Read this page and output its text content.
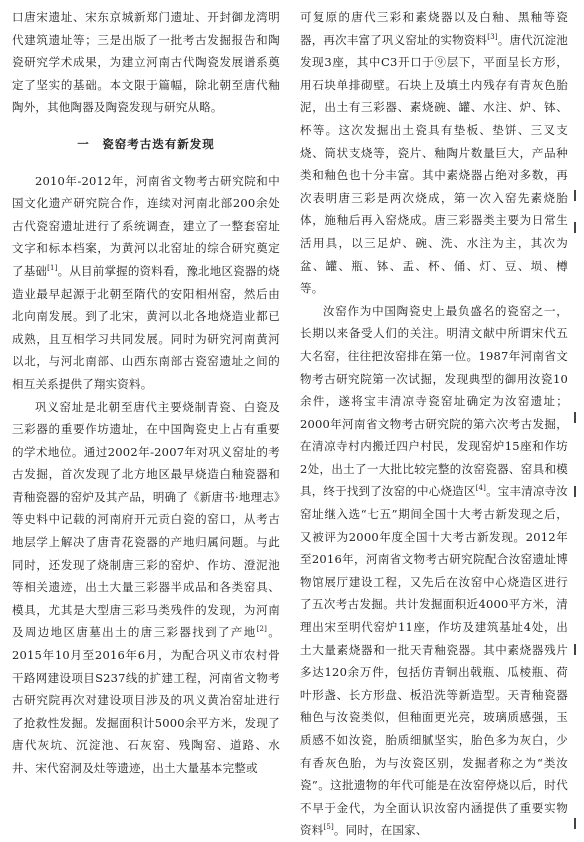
口唐宋遗址、宋东京城新郑门遗址、开封御龙湾明代建筑遗址等；三是出版了一批考古发掘报告和陶瓷研究学术成果，为建立河南古代陶瓷发展谱系奠定了坚实的基础。本文限于篇幅，除北朝至唐代釉陶外，其他陶器及陶瓷发现与研究从略。

一　瓷窑考古迭有新发现

2010年-2012年，河南省文物考古研究院和中国文化遗产研究院合作，连续对河南北部200余处古代瓷窑遗址进行了系统调查，建立了一整套窑址文字和标本档案，为黄河以北窑址的综合研究奠定了基础[1]。从目前掌握的资料看，豫北地区瓷器的烧造业最早起源于北朝至隋代的安阳相州窑，然后由北向南发展。到了北宋，黄河以北各地烧造业都已成熟，且互相学习共同发展。同时为研究河南黄河以北，与河北南部、山西东南部古瓷窑遗址之间的相互关系提供了翔实资料。

巩义窑址是北朝至唐代主要烧制青瓷、白瓷及三彩器的重要作坊遗址，在中国陶瓷史上占有重要的学术地位。通过2002年-2007年对巩义窑址的考古发掘，首次发现了北方地区最早烧造白釉瓷器和青釉瓷器的窑炉及其产品，明确了《新唐书·地理志》等史料中记载的河南府开元贡白瓷的窑口，从考古地层学上解决了唐青花瓷器的产地归属问题。与此同时，还发现了烧制唐三彩的窑炉、作坊、澄泥池等相关遗迹，出土大量三彩器半成品和各类窑具、模具，尤其是大型唐三彩马类残件的发现，为河南及周边地区唐墓出土的唐三彩器找到了产地[2]。2015年10月至2016年6月，为配合巩义市农村骨干路网建设项目S237线的扩建工程，河南省文物考古研究院再次对建设项目涉及的巩义黄冶窑址进行了抢救性发掘。发掘面积计5000余平方米，发现了唐代灰坑、沉淀池、石灰窑、残陶窑、道路、水井、宋代窑洞及灶等遗迹，出土大量基本完整或

可复原的唐代三彩和素烧器以及白釉、黑釉等瓷器，再次丰富了巩义窑址的实物资料[3]。唐代沉淀池发现3座，其中C3开口于⑨层下，平面呈长方形，用石块单排砌壁。石块上及填土内残存有青灰色胎泥，出土有三彩器、素烧碗、罐、水注、炉、钵、杯等。这次发掘出土瓷具有垫板、垫饼、三叉支烧、筒状支烧等，瓷片、釉陶片数量巨大，产品种类和釉色也十分丰富。其中素烧器占绝对多数，再次表明唐三彩是两次烧成，第一次入窑先素烧胎体，施釉后再入窑烧成。唐三彩器类主要为日常生活用具，以三足炉、碗、洗、水注为主，其次为盆、罐、瓶、钵、盂、杯、俑、灯、豆、埙、樽等。

汝窑作为中国陶瓷史上最负盛名的瓷窑之一，长期以来备受人们的关注。明清文献中所谓宋代五大名窑，往往把汝窑排在第一位。1987年河南省文物考古研究院第一次试掘，发现典型的御用汝瓷10余件，遂将宝丰清凉寺瓷窑址确定为汝窑遗址；2000年河南省文物考古研究院的第六次考古发掘，在清凉寺村内搬迁四户村民，发现窑炉15座和作坊2处，出土了一大批比较完整的汝窑瓷器、窑具和模具，终于找到了汝窑的中心烧造区[4]。宝丰清凉寺汝窑址继入选“七五”期间全国十大考古新发现之后，又被评为2000年度全国十大考古新发现。2012年至2016年，河南省文物考古研究院配合汝窑遗址博物馆展厅建设工程，又先后在汝窑中心烧造区进行了五次考古发掘。共计发掘面积近4000平方米，清理出宋至明代窑炉11座，作坊及建筑基址4处，出土大量素烧器和一批天青釉瓷器。其中素烧器残片多达120余万件，包括仿青铜出戟瓶、瓜棱瓶、荷叶形盏、长方形盘、板沿洗等新造型。天青釉瓷器釉色与汝瓷类似，但釉面更光亮，玻璃质感强，玉质感不如汝瓷，胎质细腻坚实，胎色多为灰白，少有香灰色胎，为与汝瓷区别，发掘者称之为“类汝瓷”。这批遗物的年代可能是在汝窑停烧以后，时代不早于金代，为全面认识汝窑内涵提供了重要实物资料[5]。同时，在国家、
